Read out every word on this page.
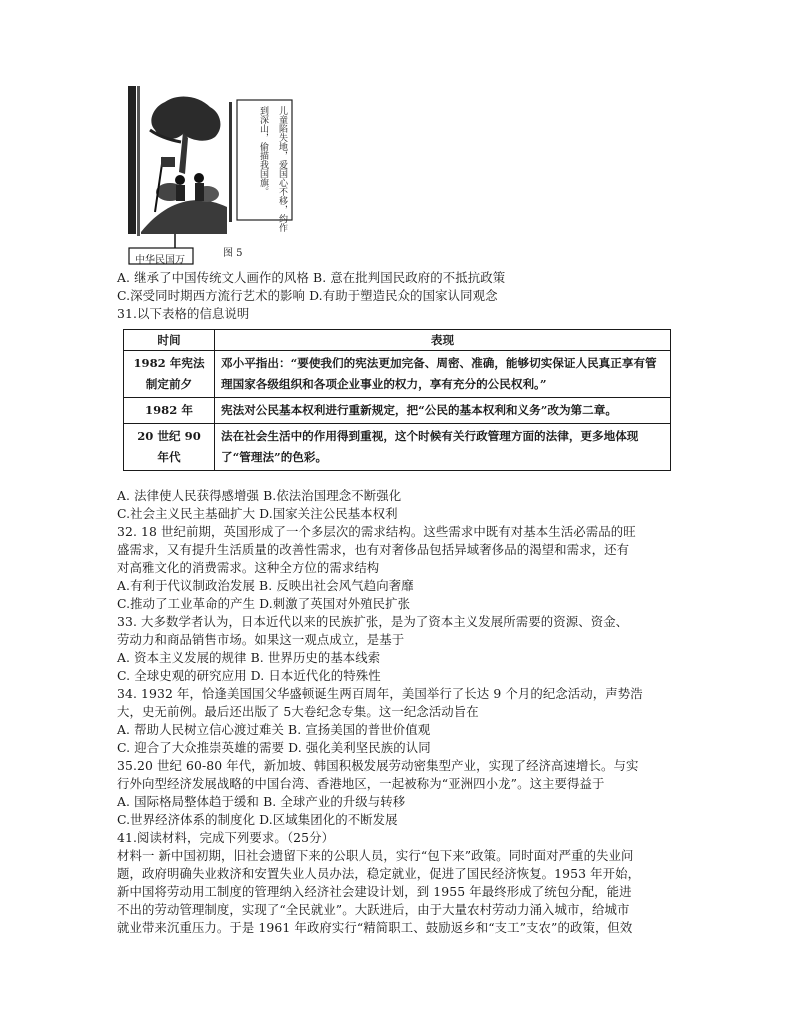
中华民国万
图 5
儿童陷失地，爱国心不移，约作
到深山，偷描我国旗。
A. 继承了中国传统文人画作的风格 B. 意在批判国民政府的不抵抗政策
C.深受同时期西方流行艺术的影响 D.有助于塑造民众的国家认同观念
31.以下表格的信息说明
时间	表现
1982 年宪法
制定前夕	邓小平指出：“要使我们的宪法更加完备、周密、准确，能够切实保证人民真正享有管理国家各级组织和各项企业事业的权力，享有充分的公民权利。”
1982 年	宪法对公民基本权利进行重新规定，把“公民的基本权利和义务”改为第二章。
20 世纪 90
年代	法在社会生活中的作用得到重视，这个时候有关行政管理方面的法律，更多地体现了“管理法”的色彩。
A. 法律使人民获得感增强 B.依法治国理念不断强化
C.社会主义民主基础扩大 D.国家关注公民基本权利
32. 18 世纪前期，英国形成了一个多层次的需求结构。这些需求中既有对基本生活必需品的旺
盛需求，又有提升生活质量的改善性需求，也有对奢侈品包括异域奢侈品的渴望和需求，还有
对高雅文化的消费需求。这种全方位的需求结构
A.有利于代议制政治发展 B. 反映出社会风气趋向奢靡
C.推动了工业革命的产生 D.刺激了英国对外殖民扩张
33. 大多数学者认为，日本近代以来的民族扩张，是为了资本主义发展所需要的资源、资金、
劳动力和商品销售市场。如果这一观点成立，是基于
A. 资本主义发展的规律 B. 世界历史的基本线索
C. 全球史观的研究应用 D. 日本近代化的特殊性
34. 1932 年，恰逢美国国父华盛顿诞生两百周年，美国举行了长达 9 个月的纪念活动，声势浩
大，史无前例。最后还出版了 5大卷纪念专集。这一纪念活动旨在
A. 帮助人民树立信心渡过难关 B. 宣扬美国的普世价值观
C. 迎合了大众推崇英雄的需要 D. 强化美利坚民族的认同
35.20 世纪 60-80 年代，新加坡、韩国积极发展劳动密集型产业，实现了经济高速增长。与实
行外向型经济发展战略的中国台湾、香港地区，一起被称为“亚洲四小龙”。这主要得益于
A. 国际格局整体趋于缓和 B. 全球产业的升级与转移
C.世界经济体系的制度化 D.区域集团化的不断发展
41.阅读材料，完成下列要求。（25分）
材料一 新中国初期，旧社会遗留下来的公职人员，实行“包下来”政策。同时面对严重的失业问
题，政府明确失业救济和安置失业人员办法，稳定就业，促进了国民经济恢复。1953 年开始，
新中国将劳动用工制度的管理纳入经济社会建设计划，到 1955 年最终形成了统包分配，能进
不出的劳动管理制度，实现了“全民就业”。大跃进后，由于大量农村劳动力涌入城市，给城市
就业带来沉重压力。于是 1961 年政府实行“精简职工、鼓励返乡和“支工”支农”的政策，但效
